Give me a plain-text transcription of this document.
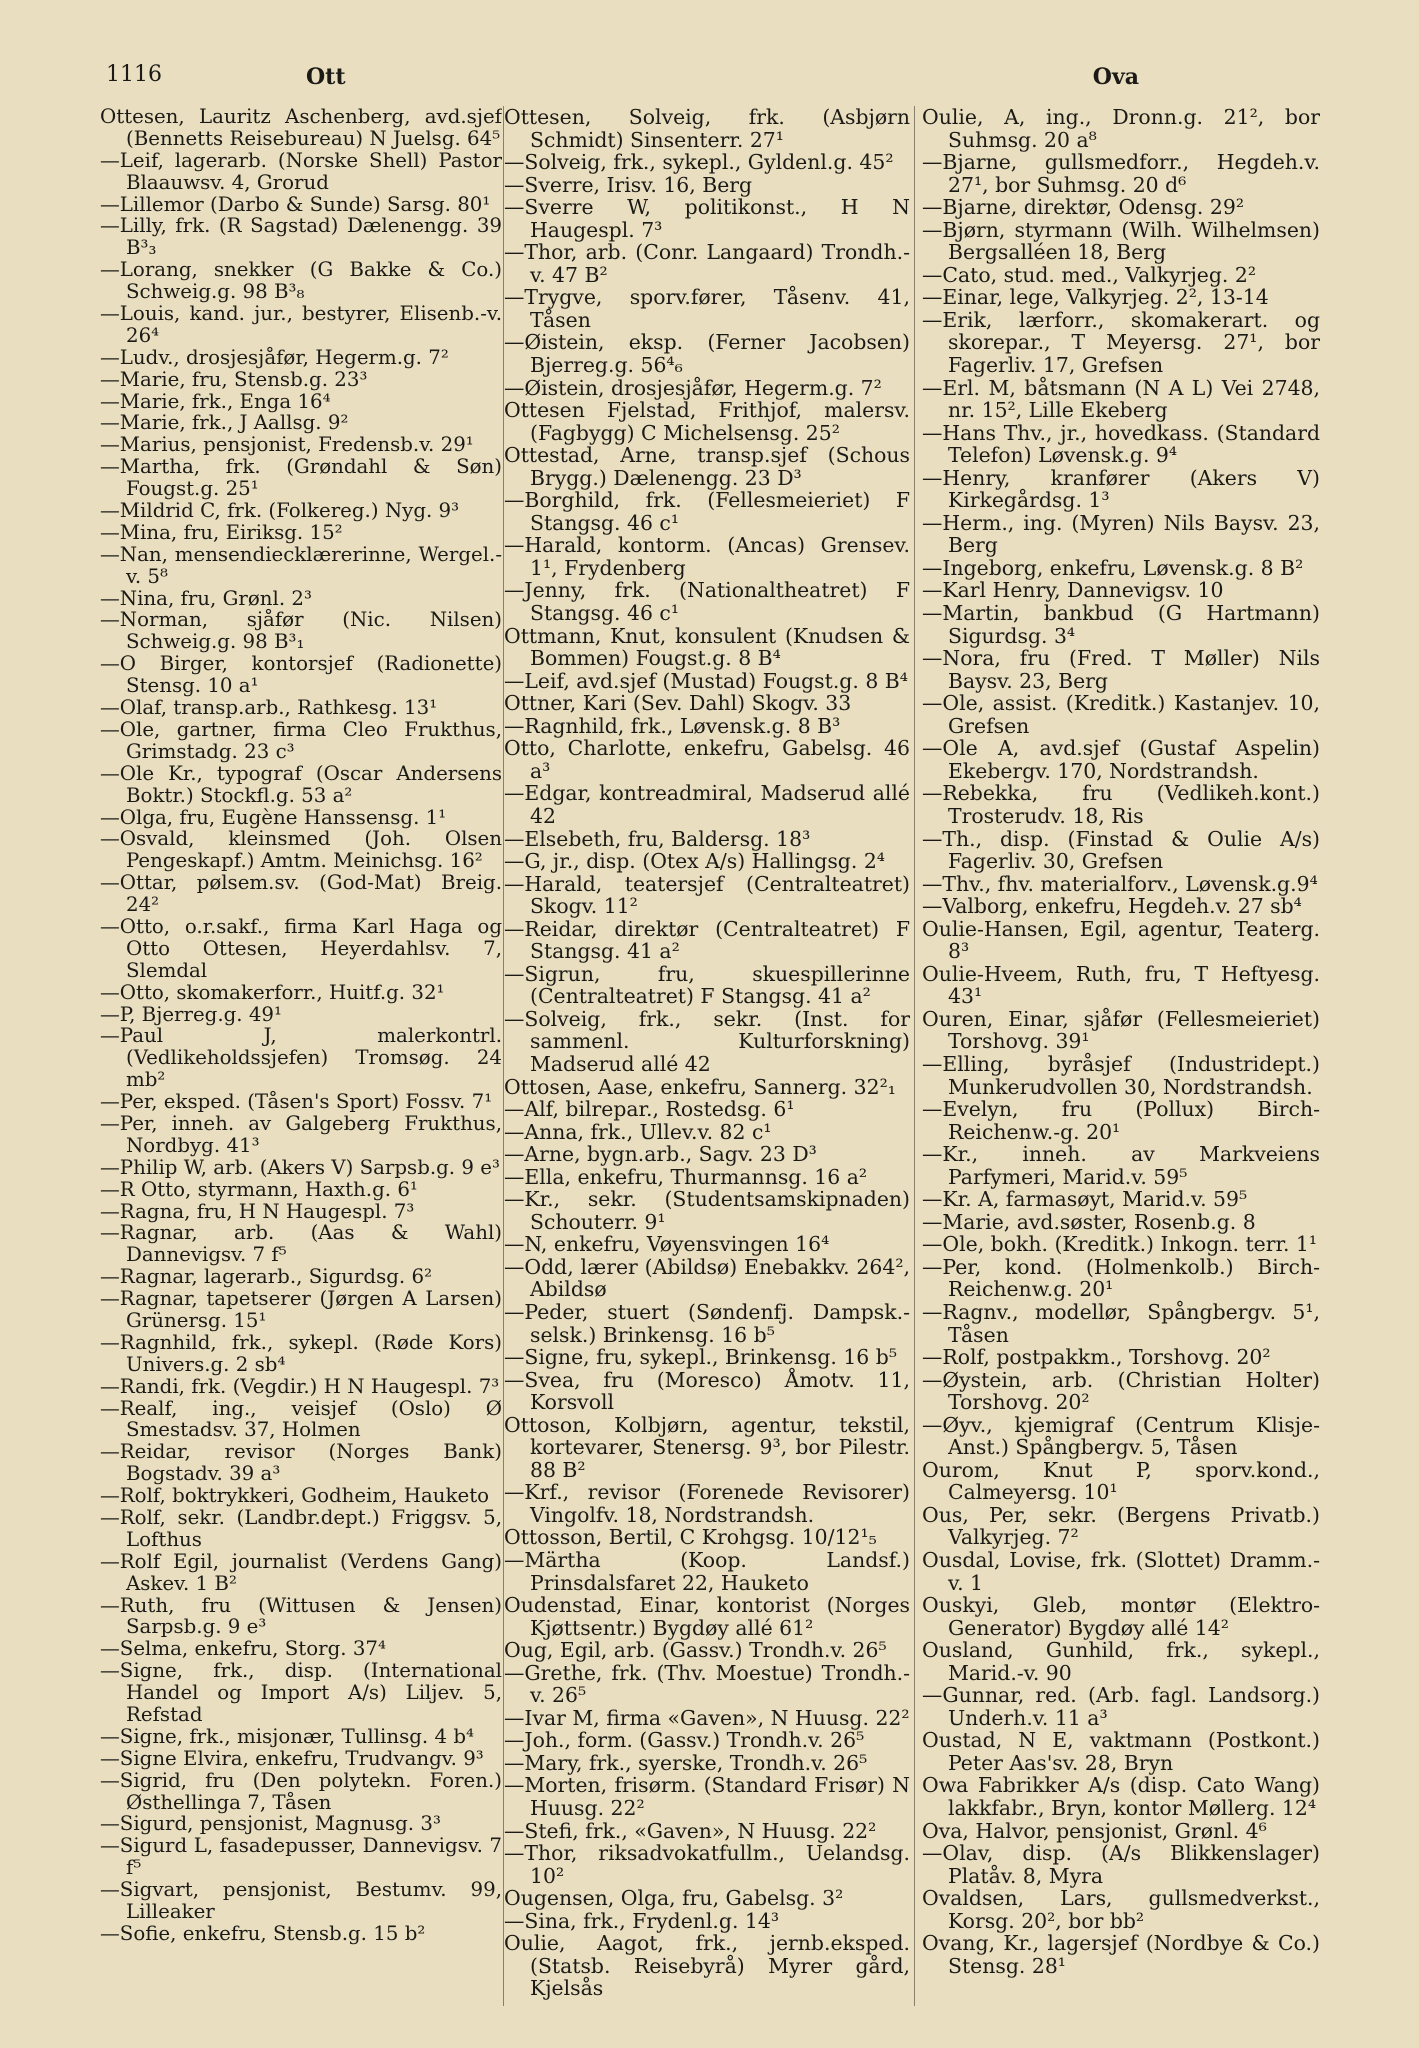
1116	Ott	Ova

Ottesen, Lauritz Aschenberg, avd.sjef (Bennetts Reisebureau) N Juelsg. 64⁵

—Leif, lagerarb. (Norske Shell) Pastor Blaauwsv. 4, Grorud

—Lillemor (Darbo & Sunde) Sarsg. 80¹

—Lilly, frk. (R Sagstad) Dælenengg. 39 B³₃

—Lorang, snekker (G Bakke & Co.) Schweig.g. 98 B³₈

—Louis, kand. jur., bestyrer, Elisenb.-v. 26⁴

—Ludv., drosjesjåfør, Hegerm.g. 7²

—Marie, fru, Stensb.g. 23³

—Marie, frk., Enga 16⁴

—Marie, frk., J Aallsg. 9²

—Marius, pensjonist, Fredensb.v. 29¹

—Martha, frk. (Grøndahl & Søn) Fougst.g. 25¹

—Mildrid C, frk. (Folkereg.) Nyg. 9³

—Mina, fru, Eiriksg. 15²

—Nan, mensendiecklærerinne, Wergel.-v. 5⁸

—Nina, fru, Grønl. 2³

—Norman, sjåfør (Nic. Nilsen) Schweig.g. 98 B³₁

—O Birger, kontorsjef (Radionette) Stensg. 10 a¹

—Olaf, transp.arb., Rathkesg. 13¹

—Ole, gartner, firma Cleo Frukthus, Grimstadg. 23 c³

—Ole Kr., typograf (Oscar Andersens Boktr.) Stockfl.g. 53 a²

—Olga, fru, Eugène Hanssensg. 1¹

—Osvald, kleinsmed (Joh. Olsen Pengeskapf.) Amtm. Meinichsg. 16²

—Ottar, pølsem.sv. (God-Mat) Breig. 24²

—Otto, o.r.sakf., firma Karl Haga og Otto Ottesen, Heyerdahlsv. 7, Slemdal

—Otto, skomakerforr., Huitf.g. 32¹

—P, Bjerreg.g. 49¹

—Paul J, malerkontrl. (Vedlikeholdssjefen) Tromsøg. 24 mb²

—Per, eksped. (Tåsen's Sport) Fossv. 7¹

—Per, inneh. av Galgeberg Frukthus, Nordbyg. 41³

—Philip W, arb. (Akers V) Sarpsb.g. 9 e³

—R Otto, styrmann, Haxth.g. 6¹

—Ragna, fru, H N Haugespl. 7³

—Ragnar, arb. (Aas & Wahl) Dannevigsv. 7 f⁵

—Ragnar, lagerarb., Sigurdsg. 6²

—Ragnar, tapetserer (Jørgen A Larsen) Grünersg. 15¹

—Ragnhild, frk., sykepl. (Røde Kors) Univers.g. 2 sb⁴

—Randi, frk. (Vegdir.) H N Haugespl. 7³

—Realf, ing., veisjef (Oslo) Ø Smestadsv. 37, Holmen

—Reidar, revisor (Norges Bank) Bogstadv. 39 a³

—Rolf, boktrykkeri, Godheim, Hauketo

—Rolf, sekr. (Landbr.dept.) Friggsv. 5, Lofthus

—Rolf Egil, journalist (Verdens Gang) Askev. 1 B²

—Ruth, fru (Wittusen & Jensen) Sarpsb.g. 9 e³

—Selma, enkefru, Storg. 37⁴

—Signe, frk., disp. (International Handel og Import A/s) Liljev. 5, Refstad

—Signe, frk., misjonær, Tullinsg. 4 b⁴

—Signe Elvira, enkefru, Trudvangv. 9³

—Sigrid, fru (Den polytekn. Foren.) Østhellinga 7, Tåsen

—Sigurd, pensjonist, Magnusg. 3³

—Sigurd L, fasadepusser, Dannevigsv. 7 f⁵

—Sigvart, pensjonist, Bestumv. 99, Lilleaker

—Sofie, enkefru, Stensb.g. 15 b²

Ottesen, Solveig, frk. (Asbjørn Schmidt) Sinsenterr. 27¹

—Solveig, frk., sykepl., Gyldenl.g. 45²

—Sverre, Irisv. 16, Berg

—Sverre W, politikonst., H N Haugespl. 7³

—Thor, arb. (Conr. Langaard) Trondh.-v. 47 B²

—Trygve, sporv.fører, Tåsenv. 41, Tåsen

—Øistein, eksp. (Ferner Jacobsen) Bjerreg.g. 56⁴₆

—Øistein, drosjesjåfør, Hegerm.g. 7²

Ottesen Fjelstad, Frithjof, malersv. (Fagbygg) C Michelsensg. 25²

Ottestad, Arne, transp.sjef (Schous Brygg.) Dælenengg. 23 D³

—Borghild, frk. (Fellesmeieriet) F Stangsg. 46 c¹

—Harald, kontorm. (Ancas) Grensev. 1¹, Frydenberg

—Jenny, frk. (Nationaltheatret) F Stangsg. 46 c¹

Ottmann, Knut, konsulent (Knudsen & Bommen) Fougst.g. 8 B⁴

—Leif, avd.sjef (Mustad) Fougst.g. 8 B⁴

Ottner, Kari (Sev. Dahl) Skogv. 33

—Ragnhild, frk., Løvensk.g. 8 B³

Otto, Charlotte, enkefru, Gabelsg. 46 a³

—Edgar, kontreadmiral, Madserud allé 42

—Elsebeth, fru, Baldersg. 18³

—G, jr., disp. (Otex A/s) Hallingsg. 2⁴

—Harald, teatersjef (Centralteatret) Skogv. 11²

—Reidar, direktør (Centralteatret) F Stangsg. 41 a²

—Sigrun, fru, skuespillerinne (Centralteatret) F Stangsg. 41 a²

—Solveig, frk., sekr. (Inst. for sammenl. Kulturforskning) Madserud allé 42

Ottosen, Aase, enkefru, Sannerg. 32²₁

—Alf, bilrepar., Rostedsg. 6¹

—Anna, frk., Ullev.v. 82 c¹

—Arne, bygn.arb., Sagv. 23 D³

—Ella, enkefru, Thurmannsg. 16 a²

—Kr., sekr. (Studentsamskipnaden) Schouterr. 9¹

—N, enkefru, Vøyensvingen 16⁴

—Odd, lærer (Abildsø) Enebakkv. 264², Abildsø

—Peder, stuert (Søndenfj. Dampsk.-selsk.) Brinkensg. 16 b⁵

—Signe, fru, sykepl., Brinkensg. 16 b⁵

—Svea, fru (Moresco) Åmotv. 11, Korsvoll

Ottoson, Kolbjørn, agentur, tekstil, kortevarer, Stenersg. 9³, bor Pilestr. 88 B²

—Krf., revisor (Forenede Revisorer) Vingolfv. 18, Nordstrandsh.

Ottosson, Bertil, C Krohgsg. 10/12¹₅

—Märtha (Koop. Landsf.) Prinsdalsfaret 22, Hauketo

Oudenstad, Einar, kontorist (Norges Kjøttsentr.) Bygdøy allé 61²

Oug, Egil, arb. (Gassv.) Trondh.v. 26⁵

—Grethe, frk. (Thv. Moestue) Trondh.-v. 26⁵

—Ivar M, firma «Gaven», N Huusg. 22²

—Joh., form. (Gassv.) Trondh.v. 26⁵

—Mary, frk., syerske, Trondh.v. 26⁵

—Morten, frisørm. (Standard Frisør) N Huusg. 22²

—Stefi, frk., «Gaven», N Huusg. 22²

—Thor, riksadvokatfullm., Uelandsg. 10²

Ougensen, Olga, fru, Gabelsg. 3²

—Sina, frk., Frydenl.g. 14³

Oulie, Aagot, frk., jernb.eksped. (Statsb. Reisebyrå) Myrer gård, Kjelsås

Oulie, A, ing., Dronn.g. 21², bor Suhmsg. 20 a⁸

—Bjarne, gullsmedforr., Hegdeh.v. 27¹, bor Suhmsg. 20 d⁶

—Bjarne, direktør, Odensg. 29²

—Bjørn, styrmann (Wilh. Wilhelmsen) Bergsalléen 18, Berg

—Cato, stud. med., Valkyrjeg. 2²

—Einar, lege, Valkyrjeg. 2², 13-14

—Erik, lærforr., skomakerart. og skorepar., T Meyersg. 27¹, bor Fagerliv. 17, Grefsen

—Erl. M, båtsmann (N A L) Vei 2748, nr. 15², Lille Ekeberg

—Hans Thv., jr., hovedkass. (Standard Telefon) Løvensk.g. 9⁴

—Henry, kranfører (Akers V) Kirkegårdsg. 1³

—Herm., ing. (Myren) Nils Baysv. 23, Berg

—Ingeborg, enkefru, Løvensk.g. 8 B²

—Karl Henry, Dannevigsv. 10

—Martin, bankbud (G Hartmann) Sigurdsg. 3⁴

—Nora, fru (Fred. T Møller) Nils Baysv. 23, Berg

—Ole, assist. (Kreditk.) Kastanjev. 10, Grefsen

—Ole A, avd.sjef (Gustaf Aspelin) Ekebergv. 170, Nordstrandsh.

—Rebekka, fru (Vedlikeh.kont.) Trosterudv. 18, Ris

—Th., disp. (Finstad & Oulie A/s) Fagerliv. 30, Grefsen

—Thv., fhv. materialforv., Løvensk.g.9⁴

—Valborg, enkefru, Hegdeh.v. 27 sb⁴

Oulie-Hansen, Egil, agentur, Teaterg. 8³

Oulie-Hveem, Ruth, fru, T Heftyesg. 43¹

Ouren, Einar, sjåfør (Fellesmeieriet) Torshovg. 39¹

—Elling, byråsjef (Industridept.) Munkerudvollen 30, Nordstrandsh.

—Evelyn, fru (Pollux) Birch-Reichenw.-g. 20¹

—Kr., inneh. av Markveiens Parfymeri, Marid.v. 59⁵

—Kr. A, farmasøyt, Marid.v. 59⁵

—Marie, avd.søster, Rosenb.g. 8

—Ole, bokh. (Kreditk.) Inkogn. terr. 1¹

—Per, kond. (Holmenkolb.) Birch-Reichenw.g. 20¹

—Ragnv., modellør, Spångbergv. 5¹, Tåsen

—Rolf, postpakkm., Torshovg. 20²

—Øystein, arb. (Christian Holter) Torshovg. 20²

—Øyv., kjemigraf (Centrum Klisje-Anst.) Spångbergv. 5, Tåsen

Ourom, Knut P, sporv.kond., Calmeyersg. 10¹

Ous, Per, sekr. (Bergens Privatb.) Valkyrjeg. 7²

Ousdal, Lovise, frk. (Slottet) Dramm.-v. 1

Ouskyi, Gleb, montør (Elektro-Generator) Bygdøy allé 14²

Ousland, Gunhild, frk., sykepl., Marid.-v. 90

—Gunnar, red. (Arb. fagl. Landsorg.) Underh.v. 11 a³

Oustad, N E, vaktmann (Postkont.) Peter Aas'sv. 28, Bryn

Owa Fabrikker A/s (disp. Cato Wang) lakkfabr., Bryn, kontor Møllerg. 12⁴

Ova, Halvor, pensjonist, Grønl. 4⁶

—Olav, disp. (A/s Blikkenslager) Platåv. 8, Myra

Ovaldsen, Lars, gullsmedverkst., Korsg. 20², bor bb²

Ovang, Kr., lagersjef (Nordbye & Co.) Stensg. 28¹
